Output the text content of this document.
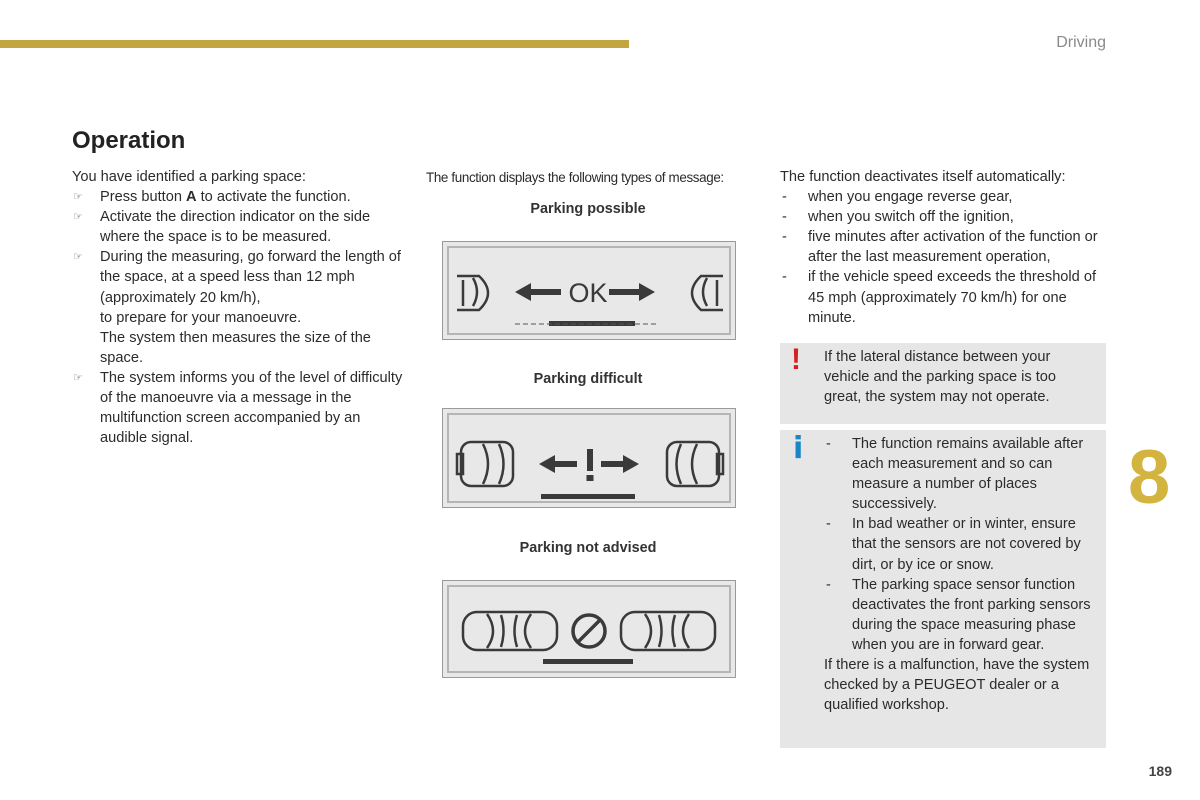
Driving
8
189
Operation

You have identified a parking space:

☞ Press button A to activate the function.
☞ Activate the direction indicator on the side where the space is to be measured.
☞ During the measuring, go forward the length of the space, at a speed less than 12 mph (approximately 20 km/h),
to prepare for your manoeuvre.
The system then measures the size of the space.
☞ The system informs you of the level of difficulty of the manoeuvre via a message in the multifunction screen accompanied by an audible signal.
The function displays the following types of message:
Parking possible
OK
Parking difficult
Parking not advised

The function deactivates itself automatically:

- when you engage reverse gear,
- when you switch off the ignition,
- five minutes after activation of the function or after the last measurement operation,
- if the vehicle speed exceeds the threshold of 45 mph (approximately 70 km/h) for one minute.
! If the lateral distance between your vehicle and the parking space is too great, the system may not operate.
i - The function remains available after each measurement and so can measure a number of places successively.
- In bad weather or in winter, ensure that the sensors are not covered by dirt, or by ice or snow.
- The parking space sensor function deactivates the front parking sensors during the space measuring phase when you are in forward gear.

If there is a malfunction, have the system checked by a PEUGEOT dealer or a qualified workshop.
